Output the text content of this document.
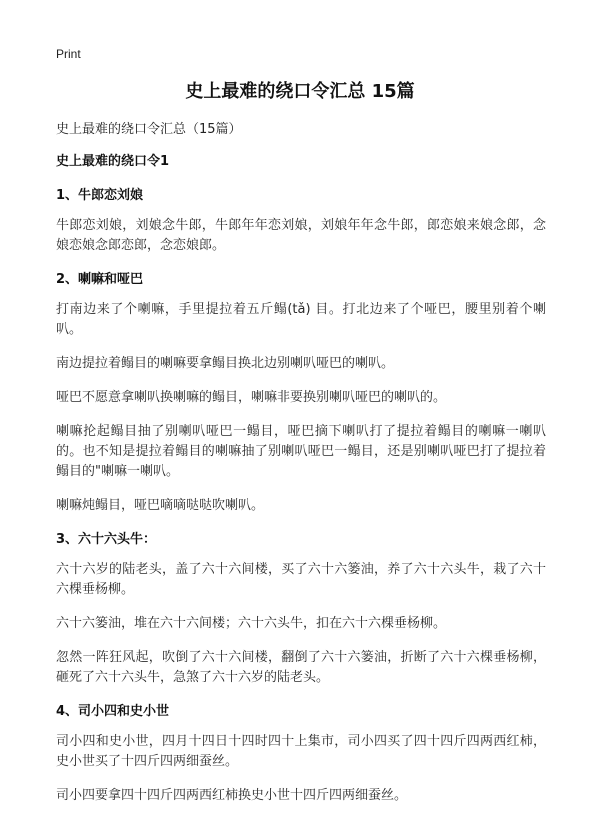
Print

史上最难的绕口令汇总 15篇

史上最难的绕口令汇总（15篇）

史上最难的绕口令1

1、牛郎恋刘娘

牛郎恋刘娘，刘娘念牛郎，牛郎年年恋刘娘，刘娘年年念牛郎，郎恋娘来娘念郎，念娘恋娘念郎恋郎，念恋娘郎。

2、喇嘛和哑巴

打南边来了个喇嘛，手里提拉着五斤鳎(tǎ) 目。打北边来了个哑巴，腰里别着个喇叭。

南边提拉着鳎目的喇嘛要拿鳎目换北边别喇叭哑巴的喇叭。

哑巴不愿意拿喇叭换喇嘛的鳎目，喇嘛非要换别喇叭哑巴的喇叭的。

喇嘛抡起鳎目抽了别喇叭哑巴一鳎目，哑巴摘下喇叭打了提拉着鳎目的喇嘛一喇叭的。也不知是提拉着鳎目的喇嘛抽了别喇叭哑巴一鳎目，还是别喇叭哑巴打了提拉着鳎目的"喇嘛一喇叭。

喇嘛炖鳎目，哑巴嘀嘀哒哒吹喇叭。

3、六十六头牛：

六十六岁的陆老头，盖了六十六间楼，买了六十六篓油，养了六十六头牛，栽了六十六棵垂杨柳。

六十六篓油，堆在六十六间楼；六十六头牛，扣在六十六棵垂杨柳。

忽然一阵狂风起，吹倒了六十六间楼，翻倒了六十六篓油，折断了六十六棵垂杨柳，砸死了六十六头牛，急煞了六十六岁的陆老头。

4、司小四和史小世

司小四和史小世，四月十四日十四时四十上集市，司小四买了四十四斤四两西红柿，史小世买了十四斤四两细蚕丝。

司小四要拿四十四斤四两西红柿换史小世十四斤四两细蚕丝。
